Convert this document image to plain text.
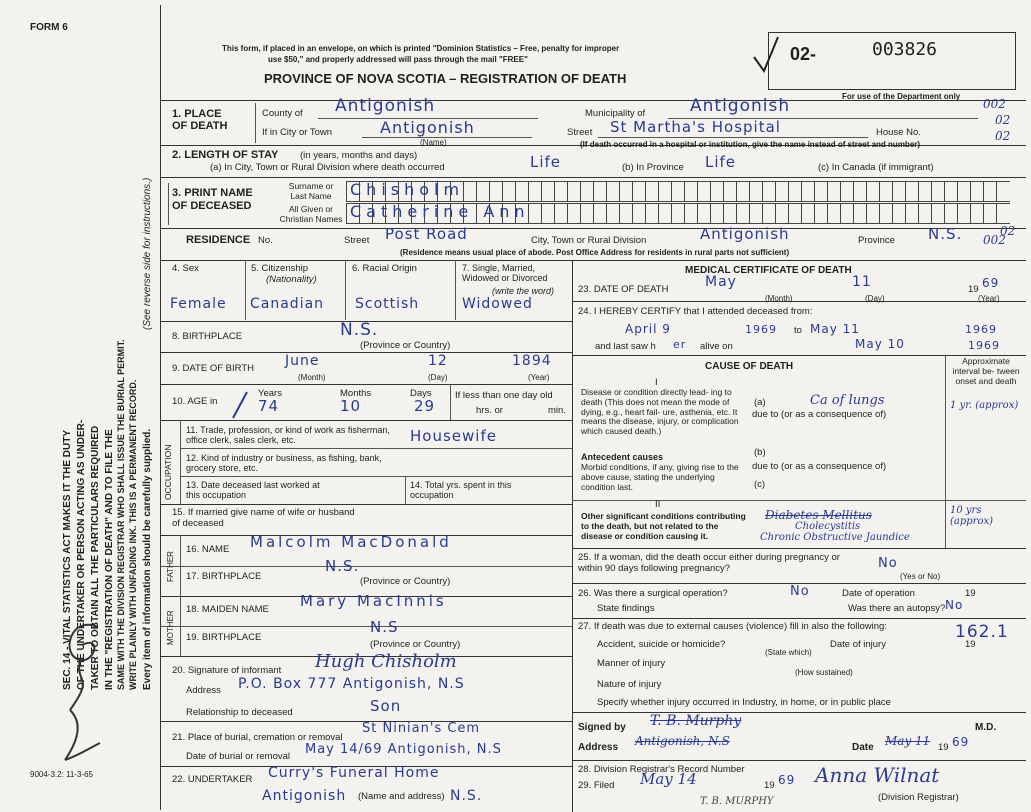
FORM 6
This form, if placed in an envelope, on which is printed "Dominion Statistics – Free, penalty for improper
use $50," and properly addressed will pass through the mail "FREE"
PROVINCE OF NOVA SCOTIA – REGISTRATION OF DEATH
02-	003826
For use of the Department only
002
02
02
002
02
SEC. 14 - VITAL STATISTICS ACT MAKES IT THE DUTY OF THE UNDERTAKER OR PERSON ACTING AS UNDER- TAKER TO OBTAIN ALL THE PARTICULARS REQUIRED IN THE "REGISTRATION OF DEATH" AND TO FILE THE SAME WITH THE DIVISION REGISTRAR WHO SHALL ISSUE THE BURIAL PERMIT. WRITE PLAINLY WITH UNFADING INK. THIS IS A PERMANENT RECORD. Every item of information should be carefully supplied.
(See reverse side for instructions.)
9004-3.2: 11-3-65
1. PLACE OF DEATH
County of Antigonish	Municipality of	Antigonish
If in City or Town	Antigonish
(Name)
Street St Martha's Hospital	House No.
(If death occurred in a hospital or institution, give the name instead of street and number)
2. LENGTH OF STAY (in years, months and days)
(a) In City, Town or Rural Division where death occurred	Life	(b) In Province Life	(c) In Canada (if immigrant)
3. PRINT NAME OF DECEASED
Surname or Last Name
All Given or Christian Names
Chisholm
Catherine Ann
RESIDENCE No.	Street Post Road	City, Town or Rural Division	Antigonish	Province N.S.
(Residence means usual place of abode. Post Office Address for residents in rural parts not sufficient)
4. Sex
Female
5. Citizenship
(Nationality)
Canadian
6. Racial Origin
Scottish
7. Single, Married, Widowed or Divorced
(write the word)
Widowed
8. BIRTHPLACE	N.S.
(Province or Country)
9. DATE OF BIRTH June	12	1894
(Month)	(Day)	(Year)
10. AGE in
Years	Months	Days
74	10	29
If less than one day old
hrs. or	min.
OCCUPATION
11. Trade, profession, or kind of work as fisherman, office clerk, sales clerk, etc.	Housewife
12. Kind of industry or business, as fishing, bank, grocery store, etc.
13. Date deceased last worked at this occupation
14. Total yrs. spent in this occupation
15. If married give name of wife or husband of deceased
FATHER
16. NAME Malcolm MacDonald
17. BIRTHPLACE
N.S.
(Province or Country)
MOTHER
18. MAIDEN NAME Mary MacInnis
19. BIRTHPLACE
N.S
(Province or Country)
20. Signature of informant Hugh Chisholm
Address P.O. Box 777 Antigonish, N.S
Relationship to deceased	Son
21. Place of burial, cremation or removal
St Ninian's Cem
Date of burial or removal May 14/69 Antigonish, N.S
22. UNDERTAKER Curry's Funeral Home
Antigonish	N.S.
(Name and address)
MEDICAL CERTIFICATE OF DEATH
23. DATE OF DEATH	May	11	19 69
(Month)	(Day)	(Year)
24. I HEREBY CERTIFY that I attended deceased from:
April 9	1969 to May 11	1969
and last saw h er alive on	May 10	1969
CAUSE OF DEATH	Approximate interval be- tween onset and death
I
Disease or condition directly lead- ing to death (This does not mean the mode of dying, e.g., heart fail- ure, asthenia, etc. It means the disease, injury, or complication which caused death.)
(a)
due to (or as a consequence of)
Ca of lungs	1 yr. (approx)
Antecedent causes
Morbid conditions, if any, giving rise to the above cause, stating the underlying condition last.
(b)
due to (or as a consequence of)
(c)
II
Other significant conditions contributing to the death, but not related to the disease or condition causing it.
Diabetes Mellitus
Cholecystitis
Chronic Obstructive Jaundice
10 yrs (approx)
25. If a woman, did the death occur either during pregnancy or within 90 days following pregnancy?	No
(Yes or No)
26. Was there a surgical operation?	No	Date of operation	19
State findings	Was there an autopsy? No
27. If death was due to external causes (violence) fill in also the following:	162.1
Accident, suicide or homicide?
(State which)
Date of injury	19
Manner of injury
(How sustained)
Nature of injury
Specify whether injury occurred in Industry, in home, or in public place
Signed by T. B. Murphy	M.D.
Address Antigonish, N.S	Date May 11 19 69
28. Division Registrar's Record Number
29. Filed May 14	19 69 Anna Wilnat
(Division Registrar)
T. B. MURPHY
